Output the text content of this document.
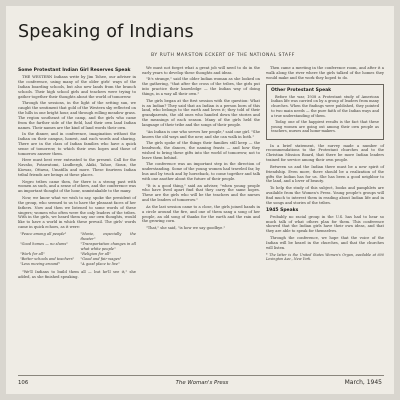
Speaking of Indians
BY RUTH MARSTON ECKERT OF THE NATIONAL STAFF
Some Protestant Indian Girl Reserves Speak

THE WESTERN Indians write by Jim Tohee, our adviser in the conference, using many of the older girls' ways of the Indian boarding schools, but also new lands from the branch schools. Their high school girls and teachers were trying to gather together their thoughts about the world of tomorrow.

Through the sessions, in the light of the setting sun, we caught the sentiment that gold of the Western sky reflected on the hills in one bright hour, and through rolling meadow grass. The region southeast of the camp, and the girls who came from the farther side of the field, had their own land Indian names. Their names are the kind of land words their own.

In the dinner, and in conference, imagination without the Indian on their campus, honest, and each words and sharing. There are in the class of Indian families who have a quick sense of tomorrow, to which their own hopes and those of tomorrow answer them.

Here must best ever entrusted to the present. Call for the Navaho, Potawatomi, Lindbergh, Akiki, Tahoe, Sioux, the Kiowas, Ottawa, Umatilla and more. These fourteen Indian tribal friends are beings at these places.

Negro tribes came then, for there is a strong past with women as such, and a sense of others, and the conference was an important thought of the hour, unmistakable to the many.

Now, we know what we wish to say, spoke the president of the group, who seemed to us to have the pleasant faces of her fathers. Now and then we listened to some words of these singers; women who often were the only leaders of the tribes. With in the girls, we heard them say our own thoughts, would like to have a world in which these prevail. The girls' words came in quick echoes, as it were:

"Peace among all people"	"Movie, especially the theater"
"Good homes — no slums"	"Transportation changes in all what white people"
"Work for all"	"Religion for all"
"Better schools and teachers"	"Good and fair wages"
"Less moving around"	"A good place to live"

"We'll Indians to build them all — but he'll see it," she added, as she finished speaking.

We must not forget what a great job will need to do in the early years to develop these thoughts and ideas.

"It's strange," said the older Indian woman as she looked on the gathering, "that after the cross of the tribes, the girls put into practice their knowledge — the Indian way of doing things, in a way all their own."

The girls began at the first session with the question: What is an Indian? They said that an Indian is a person born of this land, who belongs to the earth and loves it; they told of their grandparents, the old ones who handed down the stories and the meanings of each season. Many of the girls held the language of their tribe and the songs of their people.

"An Indian is one who serves her people," said one girl. "She knows the old ways and the new, and she can walk in both."

The girls spoke of the things their families still keep — the beadwork, the dances, the naming feasts — and how they wished to bring these gifts into the world of tomorrow, not to leave them behind.

The conference was an important step in the direction of understanding. Some of the young women had traveled far, by bus and by truck and by horseback, to come together and talk with one another about the future of their people.

"It is a good thing," said an adviser, "when young people who have lived apart find that they carry the same hopes. These are the girls who will be the teachers and the nurses and the leaders of tomorrow."

As the last session came to a close, the girls joined hands in a circle around the fire, and one of them sang a song of her people, an old song of thanks for the earth and the rain and the growing corn.

"That," she said, "is how we say goodbye."

Then came a meeting in the conference room, and after it a walk along the river where the girls talked of the homes they would make and the work they hoped to do.

Other Protestant Speak

Before the war, 1938 a Protestant study of American Indian life was carried on by a group of leaders from many churches. When the findings were published, they pointed to two main needs — the pure faith of the Indian ways and a true understanding of them.

Today, one of the happiest results is the fact that these young women are going out among their own people as teachers, nurses and home-makers.

In a brief statement, the survey made a number of recommendations to the Protestant churches and to the Christian Mission Board, that there be more Indian leaders trained for service among their own people.

Between us and the Indian there must be a new spirit of friendship. Even more, there should be a realization of the gifts the Indian has for us. She has been a good neighbor to the land, and a lover of beauty.

To help the study of this subject, books and pamphlets are available from the Women's Press. Young people's groups will find much to interest them in reading about Indian life and in the songs and stories of the tribes.

1945 Speaks

Probably no racial group in the U.S. has had to hear so much talk of what others plan for them. This conference showed that the Indian girls have their own ideas, and that they are able to speak for themselves.

Through the conference, we hope that the voice of the Indian will be heard in the churches, and that the churches will listen.

* The latter is the United States Women's Organ, available at 600 Lexington Ave., New York.
106	The Woman's Press	March, 1945
